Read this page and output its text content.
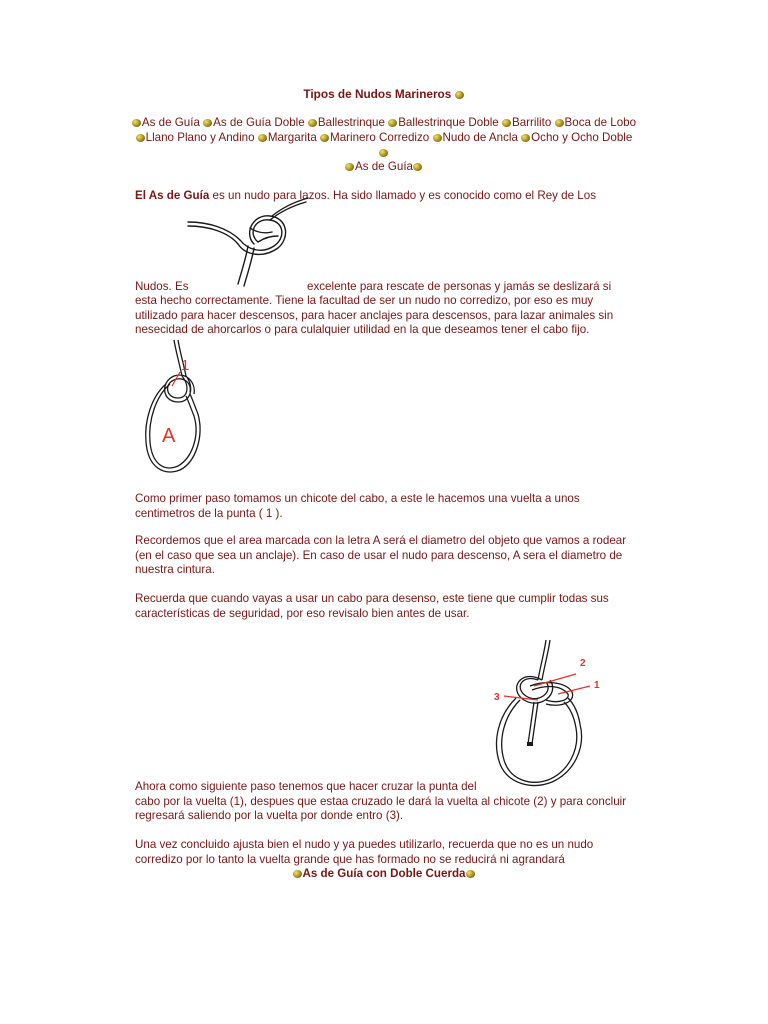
Tipos de Nudos Marineros
As de Guía As de Guía Doble Ballestrinque Ballestrinque Doble Barrilito Boca de Lobo Llano Plano y Andino Margarita Marinero Corredizo Nudo de Ancla Ocho y Ocho Doble

As de Guía
El As de Guía es un nudo para lazos. Ha sido llamado y es conocido como el Rey de Los
Nudos. Es	excelente para rescate de personas y jamás se deslizará si
esta hecho correctamente. Tiene la facultad de ser un nudo no corredizo, por eso es muy
utilizado para hacer descensos, para hacer anclajes para descensos, para lazar animales sin
nesecidad de ahorcarlos o para culalquier utilidad en la que deseamos tener el cabo fijo.
1
A
Como primer paso tomamos un chicote del cabo, a este le hacemos una vuelta a unos
centimetros de la punta ( 1 ).
Recordemos que el area marcada con la letra A será el diametro del objeto que vamos a rodear
(en el caso que sea un anclaje). En caso de usar el nudo para descenso, A sera el diametro de
nuestra cintura.
Recuerda que cuando vayas a usar un cabo para desenso, este tiene que cumplir todas sus
características de seguridad, por eso revisalo bien antes de usar.
2
1
3
Ahora como siguiente paso tenemos que hacer cruzar la punta del
cabo por la vuelta (1), despues que estaa cruzado le dará la vuelta al chicote (2) y para concluir
regresará saliendo por la vuelta por donde entro (3).
Una vez concluido ajusta bien el nudo y ya puedes utilizarlo, recuerda que no es un nudo
corredizo por lo tanto la vuelta grande que has formado no se reducirá ni agrandará
As de Guía con Doble Cuerda
